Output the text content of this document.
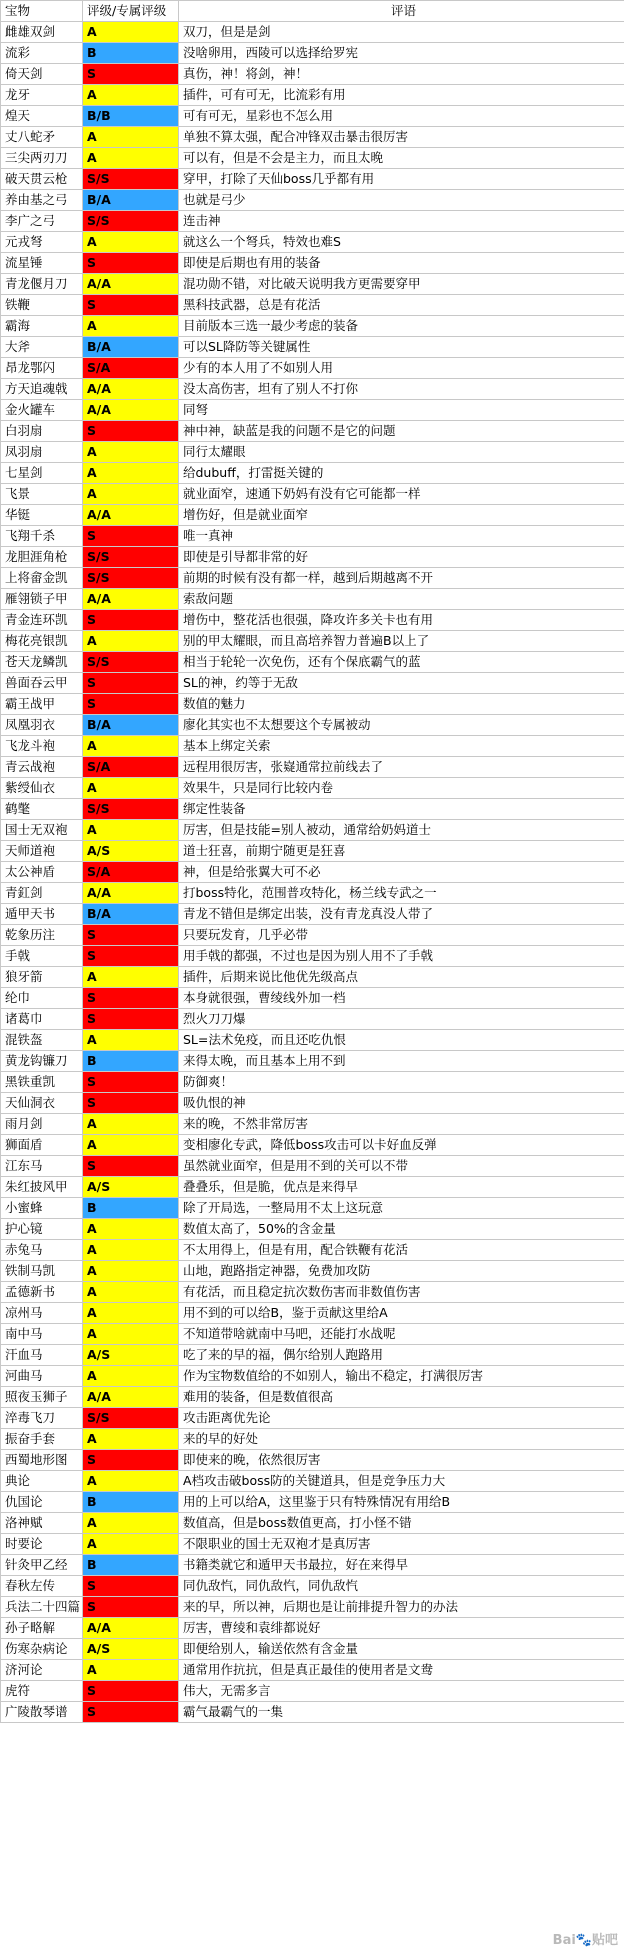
宝物	评级/专属评级	评语
雌雄双剑	A	双刀，但是是剑
流彩	B	没啥卵用，西陵可以选择给罗宪
倚天剑	S	真伤，神！将剑，神！
龙牙	A	插件，可有可无，比流彩有用
煌天	B/B	可有可无，星彩也不怎么用
丈八蛇矛	A	单独不算太强，配合冲锋双击暴击很厉害
三尖两刃刀	A	可以有，但是不会是主力，而且太晚
破天贯云枪	S/S	穿甲，打除了天仙boss几乎都有用
养由基之弓	B/A	也就是弓少
李广之弓	S/S	连击神
元戎弩	A	就这么一个弩兵，特效也难S
流星锤	S	即使是后期也有用的装备
青龙偃月刀	A/A	混功勋不错，对比破天说明我方更需要穿甲
铁鞭	S	黑科技武器，总是有花活
霸海	A	目前版本三选一最少考虑的装备
大斧	B/A	可以SL降防等关键属性
昂龙鄂闪	S/A	少有的本人用了不如别人用
方天追魂戟	A/A	没太高伤害，坦有了别人不打你
金火罐车	A/A	同弩
白羽扇	S	神中神，缺蓝是我的问题不是它的问题
凤羽扇	A	同行太耀眼
七星剑	A	给dubuff，打雷挺关键的
飞景	A	就业面窄，速通下奶妈有没有它可能都一样
华铤	A/A	增伤好，但是就业面窄
飞翔千杀	S	唯一真神
龙胆涯角枪	S/S	即使是引导都非常的好
上将畲金凯	S/S	前期的时候有没有都一样，越到后期越离不开
雁翎锁子甲	A/A	索敌问题
青金连环凯	S	增伤中，整花活也很强，降攻许多关卡也有用
梅花亮银凯	A	别的甲太耀眼，而且高培养智力普遍B以上了
苍天龙鳞凯	S/S	相当于轮轮一次免伤，还有个保底霸气的蓝
兽面吞云甲	S	SL的神，约等于无敌
霸王战甲	S	数值的魅力
凤凰羽衣	B/A	廖化其实也不太想要这个专属被动
飞龙斗袍	A	基本上绑定关索
青云战袍	S/A	远程用很厉害，张嶷通常拉前线去了
紫绶仙衣	A	效果牛，只是同行比较内卷
鹤氅	S/S	绑定性装备
国士无双袍	A	厉害，但是技能=别人被动，通常给奶妈道士
天师道袍	A/S	道士狂喜，前期宁随更是狂喜
太公神盾	S/A	神，但是给张翼大可不必
青釭剑	A/A	打boss特化，范围普攻特化，杨兰线专武之一
遁甲天书	B/A	青龙不错但是绑定出装，没有青龙真没人带了
乾象历注	S	只要玩发育，几乎必带
手戟	S	用手戟的都强，不过也是因为别人用不了手戟
狼牙箭	A	插件，后期来说比他优先级高点
纶巾	S	本身就很强，曹绫线外加一档
诸葛巾	S	烈火刀刀爆
混铁盔	A	SL=法术免疫，而且还吃仇恨
黄龙钩镰刀	B	来得太晚，而且基本上用不到
黑铁重凯	S	防御爽！
天仙洞衣	S	吸仇恨的神
雨月剑	A	来的晚，不然非常厉害
狮面盾	A	变相廖化专武，降低boss攻击可以卡好血反弹
江东马	S	虽然就业面窄，但是用不到的关可以不带
朱红披风甲	A/S	叠叠乐，但是脆，优点是来得早
小蜜蜂	B	除了开局选，一整局用不太上这玩意
护心镜	A	数值太高了，50%的含金量
赤兔马	A	不太用得上，但是有用，配合铁鞭有花活
铁制马凯	A	山地，跑路指定神器，免费加攻防
孟德新书	A	有花活，而且稳定抗次数伤害而非数值伤害
凉州马	A	用不到的可以给B，鉴于贡献这里给A
南中马	A	不知道带啥就南中马吧，还能打水战呢
汗血马	A/S	吃了来的早的福，偶尔给别人跑路用
河曲马	A	作为宝物数值给的不如别人，输出不稳定，打满很厉害
照夜玉狮子	A/A	难用的装备，但是数值很高
淬毒飞刀	S/S	攻击距离优先论
振奋手套	A	来的早的好处
西蜀地形图	S	即使来的晚，依然很厉害
典论	A	A档攻击破boss防的关键道具，但是竞争压力大
仇国论	B	用的上可以给A，这里鉴于只有特殊情况有用给B
洛神赋	A	数值高，但是boss数值更高，打小怪不错
时要论	A	不限职业的国士无双袍才是真厉害
针灸甲乙经	B	书籍类就它和遁甲天书最拉，好在来得早
春秋左传	S	同仇敌忾，同仇敌忾，同仇敌忾
兵法二十四篇	S	来的早，所以神，后期也是让前排提升智力的办法
孙子略解	A/A	厉害，曹绫和袁绯都说好
伤寒杂病论	A/S	即便给别人，输送依然有含金量
济河论	A	通常用作抗抗，但是真正最佳的使用者是文鸯
虎符	S	伟大，无需多言
广陵散琴谱	S	霸气最霸气的一集
Bai🐾贴吧
